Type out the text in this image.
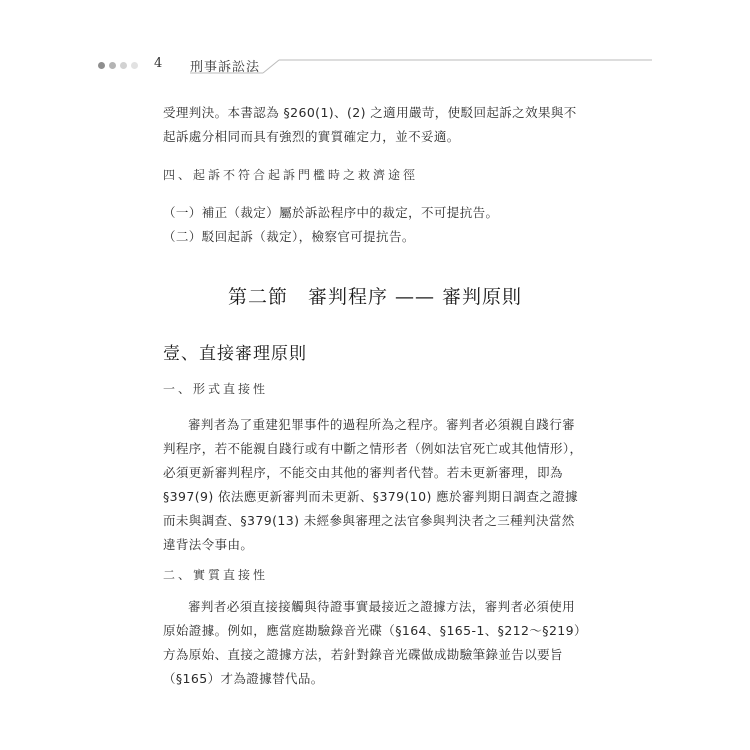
4 刑事訴訟法
受理判決。本書認為 §260(1)、(2) 之適用嚴苛，使駁回起訴之效果與不起訴處分相同而具有強烈的實質確定力，並不妥適。
四、起訴不符合起訴門檻時之救濟途徑
（一）補正（裁定）屬於訴訟程序中的裁定，不可提抗告。
（二）駁回起訴（裁定），檢察官可提抗告。
第二節　審判程序 —— 審判原則
壹、直接審理原則
一、形式直接性
審判者為了重建犯罪事件的過程所為之程序。審判者必須親自踐行審判程序，若不能親自踐行或有中斷之情形者（例如法官死亡或其他情形），必須更新審判程序，不能交由其他的審判者代替。若未更新審理，即為 §397(9) 依法應更新審判而未更新、§379(10) 應於審判期日調查之證據而未與調查、§379(13) 未經參與審理之法官參與判決者之三種判決當然違背法令事由。
二、實質直接性
審判者必須直接接觸與待證事實最接近之證據方法，審判者必須使用原始證據。例如，應當庭勘驗錄音光碟（§164、§165-1、§212～§219）方為原始、直接之證據方法，若針對錄音光碟做成勘驗筆錄並告以要旨（§165）才為證據替代品。
